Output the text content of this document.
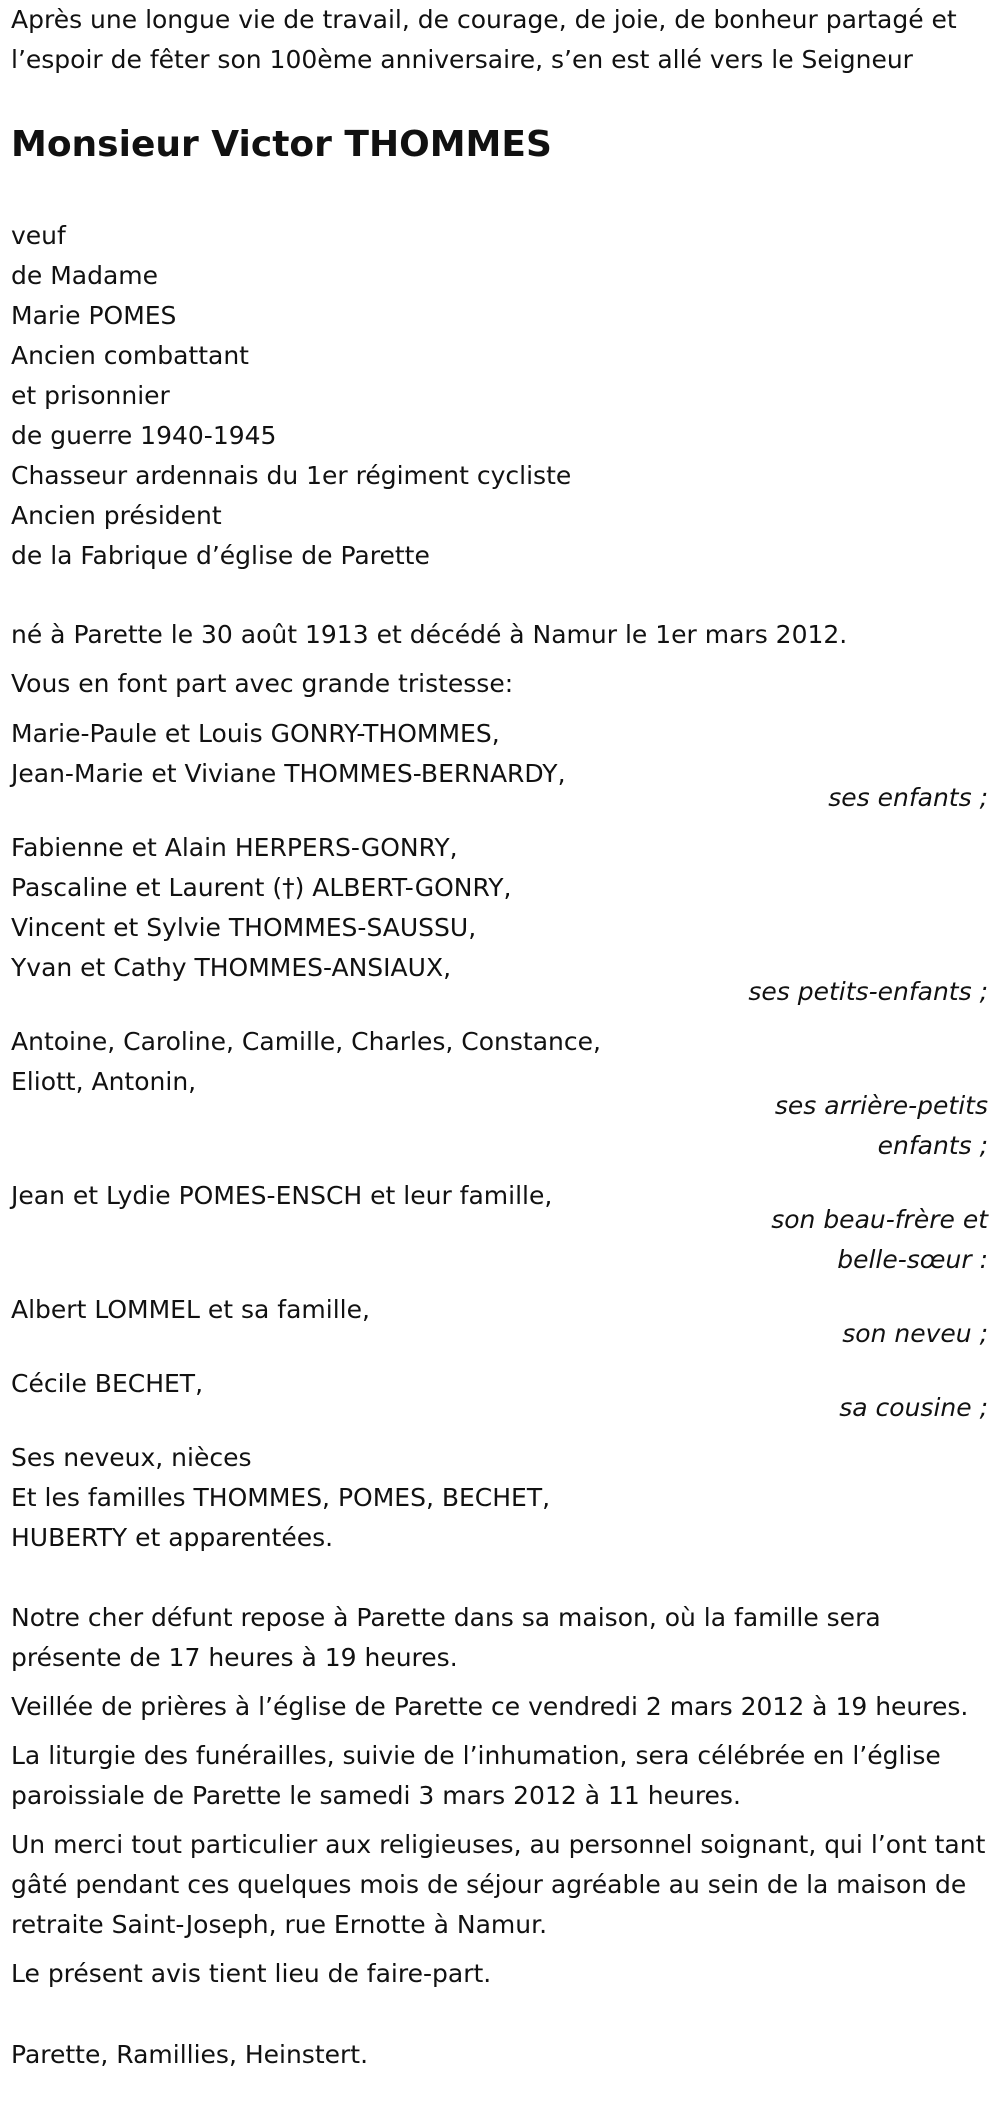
Après une longue vie de travail, de courage, de joie, de bonheur partagé et l’espoir de fêter son 100ème anniversaire, s’en est allé vers le Seigneur

Monsieur Victor THOMMES

veuf

de Madame

Marie POMES

Ancien combattant

et prisonnier

de guerre 1940-1945

Chasseur ardennais du 1er régiment cycliste

Ancien président

de la Fabrique d’église de Parette

né à Parette le 30 août 1913 et décédé à Namur le 1er mars 2012.

Vous en font part avec grande tristesse:

Marie-Paule et Louis GONRY-THOMMES,

Jean-Marie et Viviane THOMMES-BERNARDY,

ses enfants ;

Fabienne et Alain HERPERS-GONRY,

Pascaline et Laurent (†) ALBERT-GONRY,

Vincent et Sylvie THOMMES-SAUSSU,

Yvan et Cathy THOMMES-ANSIAUX,

ses petits-enfants ;

Antoine, Caroline, Camille, Charles, Constance,

Eliott, Antonin,

ses arrière-petits enfants ;

Jean et Lydie POMES-ENSCH et leur famille,

son beau-frère et belle-sœur :

Albert LOMMEL et sa famille,

son neveu ;

Cécile BECHET,

sa cousine ;

Ses neveux, nièces

Et les familles THOMMES, POMES, BECHET,

HUBERTY et apparentées.

Notre cher défunt repose à Parette dans sa maison, où la famille sera présente de 17 heures à 19 heures.

Veillée de prières à l’église de Parette ce vendredi 2 mars 2012 à 19 heures.

La liturgie des funérailles, suivie de l’inhumation, sera célébrée en l’église paroissiale de Parette le samedi 3 mars 2012 à 11 heures.

Un merci tout particulier aux religieuses, au personnel soignant, qui l’ont tant gâté pendant ces quelques mois de séjour agréable au sein de la maison de retraite Saint-Joseph, rue Ernotte à Namur.

Le présent avis tient lieu de faire-part.

Parette, Ramillies, Heinstert.
